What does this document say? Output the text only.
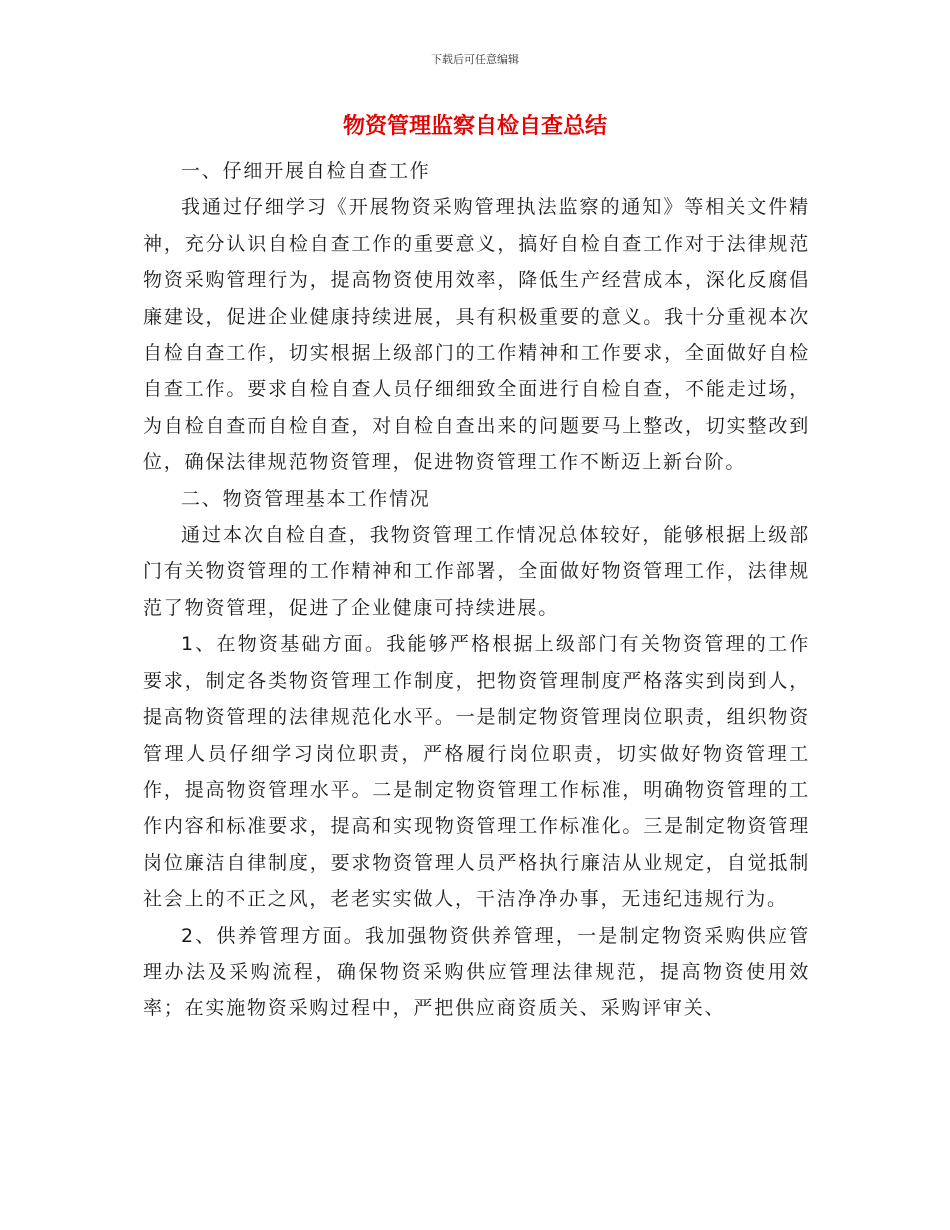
下载后可任意编辑
物资管理监察自检自查总结

一、仔细开展自检自查工作

我通过仔细学习《开展物资采购管理执法监察的通知》等相关文件精神，充分认识自检自查工作的重要意义，搞好自检自查工作对于法律规范物资采购管理行为，提高物资使用效率，降低生产经营成本，深化反腐倡廉建设，促进企业健康持续进展，具有积极重要的意义。我十分重视本次自检自查工作，切实根据上级部门的工作精神和工作要求，全面做好自检自查工作。要求自检自查人员仔细细致全面进行自检自查，不能走过场，为自检自查而自检自查，对自检自查出来的问题要马上整改，切实整改到位，确保法律规范物资管理，促进物资管理工作不断迈上新台阶。

二、物资管理基本工作情况

通过本次自检自查，我物资管理工作情况总体较好，能够根据上级部门有关物资管理的工作精神和工作部署，全面做好物资管理工作，法律规范了物资管理，促进了企业健康可持续进展。

1、在物资基础方面。我能够严格根据上级部门有关物资管理的工作要求，制定各类物资管理工作制度，把物资管理制度严格落实到岗到人，提高物资管理的法律规范化水平。一是制定物资管理岗位职责，组织物资管理人员仔细学习岗位职责，严格履行岗位职责，切实做好物资管理工作，提高物资管理水平。二是制定物资管理工作标准，明确物资管理的工作内容和标准要求，提高和实现物资管理工作标准化。三是制定物资管理岗位廉洁自律制度，要求物资管理人员严格执行廉洁从业规定，自觉抵制社会上的不正之风，老老实实做人，干洁净净办事，无违纪违规行为。

2、供养管理方面。我加强物资供养管理，一是制定物资采购供应管理办法及采购流程，确保物资采购供应管理法律规范，提高物资使用效率；在实施物资采购过程中，严把供应商资质关、采购评审关、
